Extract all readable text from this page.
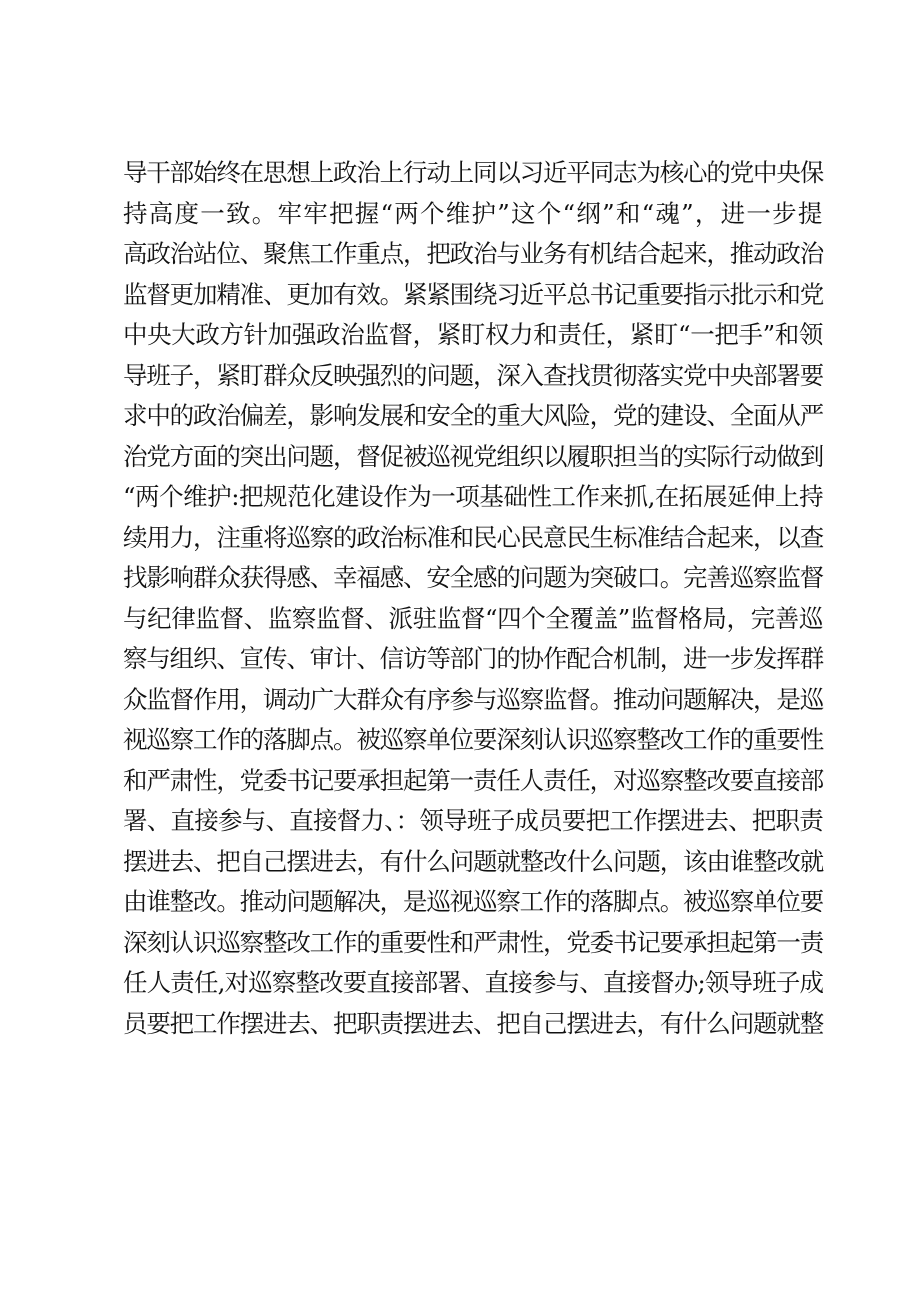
导干部始终在思想上政治上行动上同以习近平同志为核心的党中央保
持高度一致。牢牢把握“两个维护”这个“纲”和“魂”，进一步提
高政治站位、聚焦工作重点，把政治与业务有机结合起来，推动政治
监督更加精准、更加有效。紧紧围绕习近平总书记重要指示批示和党
中央大政方针加强政治监督，紧盯权力和责任，紧盯“一把手”和领
导班子，紧盯群众反映强烈的问题，深入查找贯彻落实党中央部署要
求中的政治偏差，影响发展和安全的重大风险，党的建设、全面从严
治党方面的突出问题，督促被巡视党组织以履职担当的实际行动做到
“两个维护:把规范化建设作为一项基础性工作来抓,在拓展延伸上持
续用力，注重将巡察的政治标准和民心民意民生标准结合起来，以查
找影响群众获得感、幸福感、安全感的问题为突破口。完善巡察监督
与纪律监督、监察监督、派驻监督“四个全覆盖”监督格局，完善巡
察与组织、宣传、审计、信访等部门的协作配合机制，进一步发挥群
众监督作用，调动广大群众有序参与巡察监督。推动问题解决，是巡
视巡察工作的落脚点。被巡察单位要深刻认识巡察整改工作的重要性
和严肃性，党委书记要承担起第一责任人责任，对巡察整改要直接部
署、直接参与、直接督力、：领导班子成员要把工作摆进去、把职责
摆进去、把自己摆进去，有什么问题就整改什么问题，该由谁整改就
由谁整改。推动问题解决，是巡视巡察工作的落脚点。被巡察单位要
深刻认识巡察整改工作的重要性和严肃性，党委书记要承担起第一责
任人责任,对巡察整改要直接部署、直接参与、直接督办;领导班子成
员要把工作摆进去、把职责摆进去、把自己摆进去，有什么问题就整
